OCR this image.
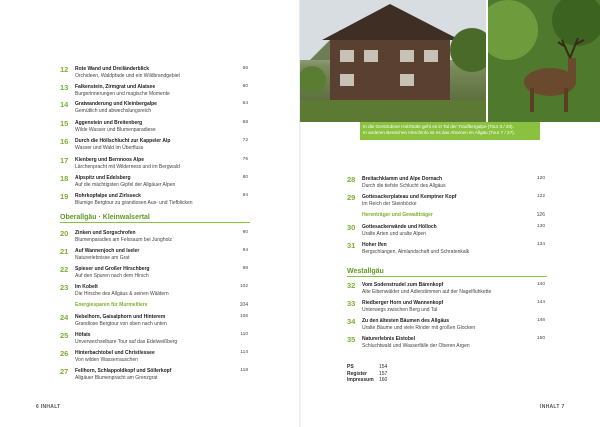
In die Gerstrubner Holzhütte geht es in Tal der Traufbergalpe (Tour 3 / 20).
In anderen Bereichen Hirschinfo ist es das Ahornen im Allgäu (Tour 7 / 27).
12 Rote Wand und Dreiländerblick
Orchideen, Waldpfade und ein Wildbrandgebiet
56
13 Falkenstein, Zirmgrat und Alatsee
Burgerinnerungen und magische Momente
60
14 Gratwanderung und Kleinbergalpe
Gemütlich und abwechslungsreich
64
15 Aggenstein und Breitenberg
Wilde Wasser und Blumenparadiese
68
16 Durch die Höllschlucht zur Kappeler Alp
Wasser und Wald im Überfluss
72
17 Kienberg und Bernnoos Alpe
Lärchenpracht mit Wilderness und im Bergwald
76
18 Alpspitz und Edelsberg
Auf die mächtigsten Gipfel der Allgäuer Alpen
80
19 Rohrkopfalpe und Zirlsseck
Blumige Bergtour zu grandiosen Aus- und Tiefblicken
84
Oberallgäu · Kleinwalsertal
20 Zinken und Sorgschrofen
Blumenparadies am Felssaum bei Jungholz
90
21 Auf Wannenjoch und Iseler
Naturerlebnisse am Grat
94
22 Spieser und Großer Hirschberg
Auf den Spuren nach dem Hirsch
98
23 Im Kobelt
Die Hirsche des Allgäus & seinen Wäldern
102
Energiesparen für Murmeltiere	104
24 Nebelhorn, Gaisalphorn und Hinterem
Grandiose Bergtour von oben nach unten
106
25 Höfats
Unverwechselbare Tour auf das Edelweißberg
110
26 Hinterbachtobel und Christlessee
Von wilden Wasserrauschen
114
27 Fellhorn, Schlappoldkopf und Söllerkopf
Allgäuer Blumenpracht am Grenzgrat
118
6 INHALT
28 Breitachklamm und Alpe Dornach
Durch die tiefste Schlucht des Allgäus
120
29 Gottesackerplateau und Kemptner Kopf
Im Reich der Steinböcke
122
Herenträger und Gewaltträger	126
30 Gottesackerwände und Hölloch
Uralte Arten und uralte Alpen
130
31 Hoher Ifen
Bergschlangen, Almlandschaft und Schratenkalk
134
Westallgäu
32 Vom Sodenstrudel zum Bärenkopf
Alte Eibenwälder und Adlerstimmen auf der Nagelfluhkette
140
33 Riedberger Horn und Wannenkopf
Unterwegs zwischen Berg und Tal
144
34 Zu den ältesten Bäumen des Allgäus
Uralte Bäume und viele Rinder mit großen Glocken
146
35 Naturerlebnis Eistobel
Schluchtwald und Wasserfälle der Oberen Argen
150
PS	154
Register 157
Impressum 160
INHALT 7
